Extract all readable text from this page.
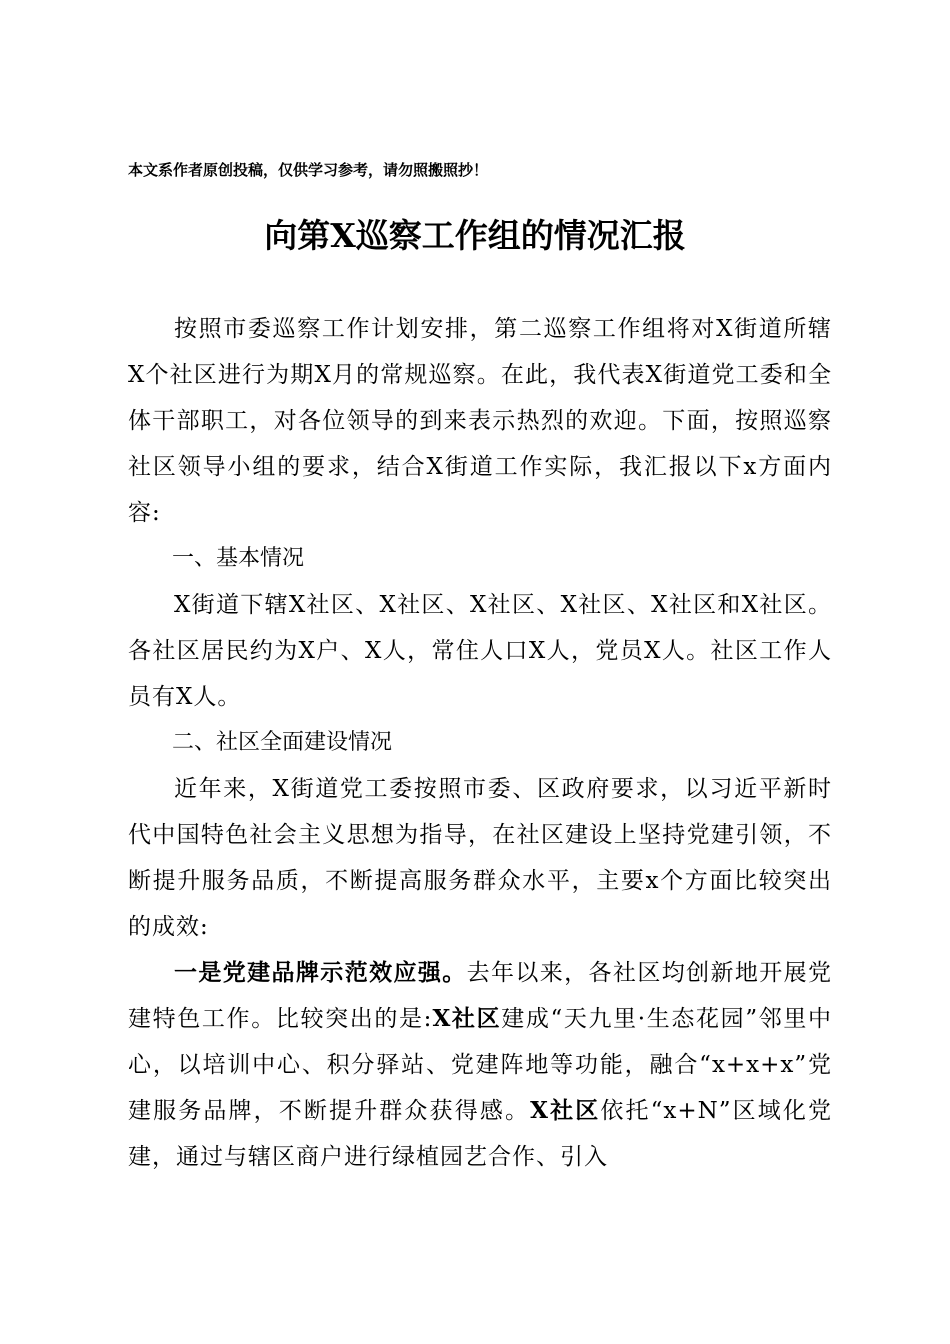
本文系作者原创投稿，仅供学习参考，请勿照搬照抄！
向第X巡察工作组的情况汇报

按照市委巡察工作计划安排，第二巡察工作组将对X街道所辖X个社区进行为期X月的常规巡察。在此，我代表X街道党工委和全体干部职工，对各位领导的到来表示热烈的欢迎。下面，按照巡察社区领导小组的要求，结合X街道工作实际，我汇报以下x方面内容:

一、基本情况

X街道下辖X社区、X社区、X社区、X社区、X社区和X社区。各社区居民约为X户、X人，常住人口X人，党员X人。社区工作人员有X人。

二、社区全面建设情况

近年来，X街道党工委按照市委、区政府要求，以习近平新时代中国特色社会主义思想为指导，在社区建设上坚持党建引领，不断提升服务品质，不断提高服务群众水平，主要x个方面比较突出的成效:

一是党建品牌示范效应强。去年以来，各社区均创新地开展党建特色工作。比较突出的是:X社区建成“天九里·生态花园”邻里中心，以培训中心、积分驿站、党建阵地等功能，融合“x+x+x”党建服务品牌，不断提升群众获得感。X社区依托“x+N”区域化党建，通过与辖区商户进行绿植园艺合作、引入
